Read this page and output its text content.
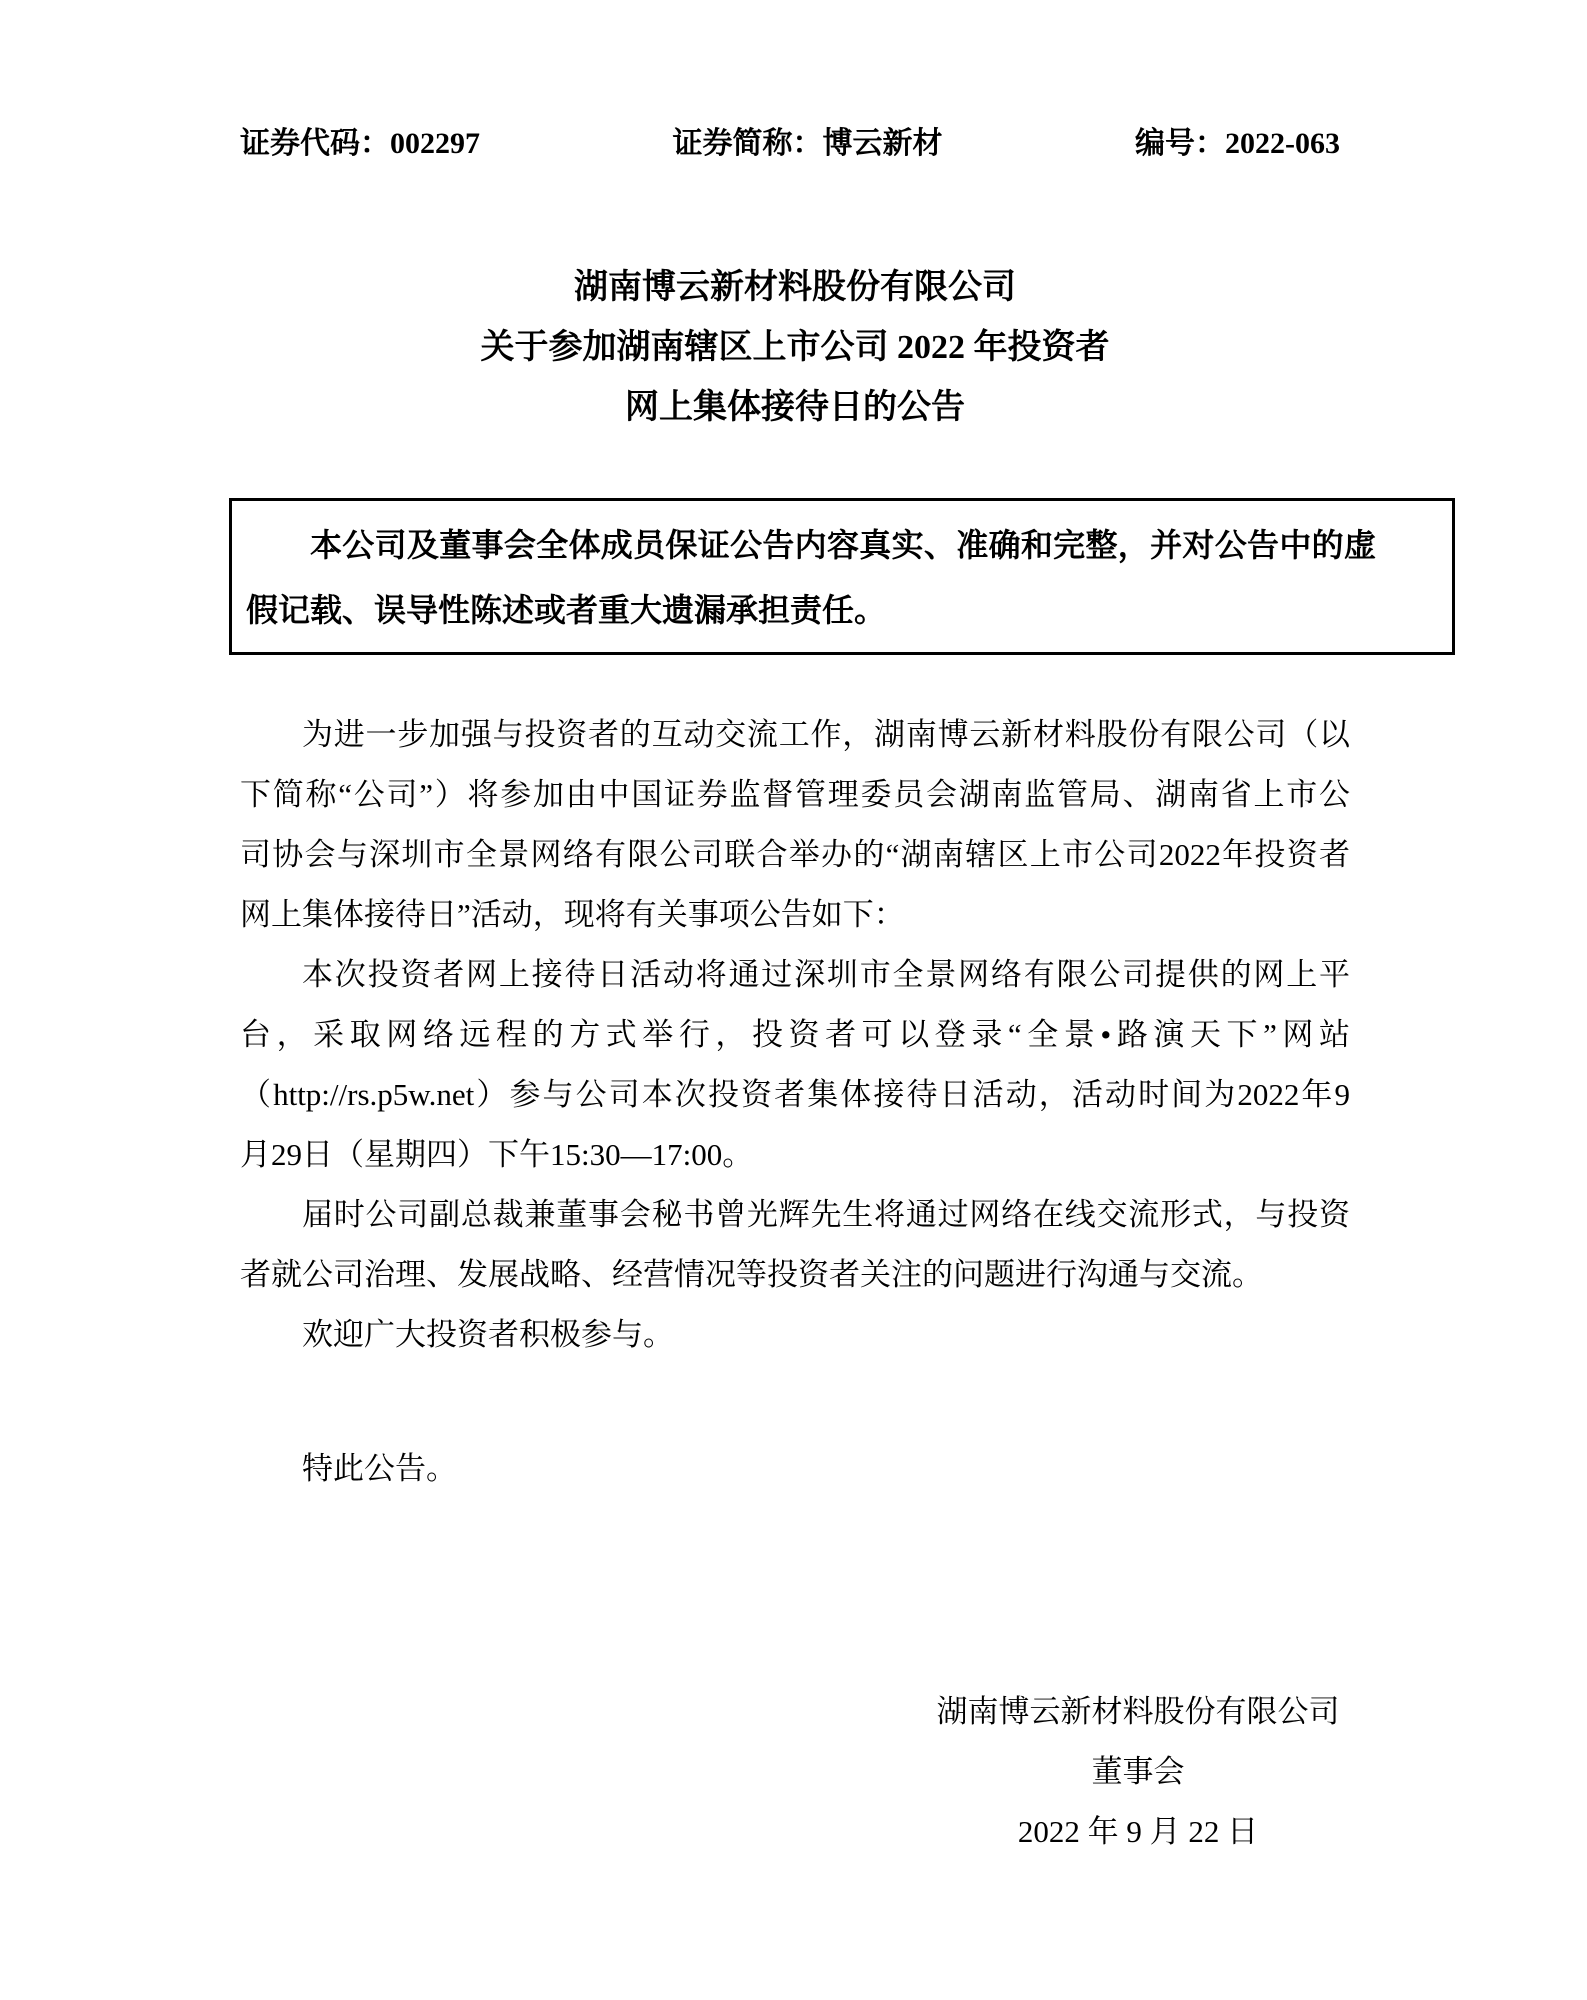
证券代码：002297	证券简称：博云新材	编号：2022-063
湖南博云新材料股份有限公司
关于参加湖南辖区上市公司 2022 年投资者
网上集体接待日的公告

本公司及董事会全体成员保证公告内容真实、准确和完整，并对公告中的虚假记载、误导性陈述或者重大遗漏承担责任。

为进一步加强与投资者的互动交流工作，湖南博云新材料股份有限公司（以
下简称“公司”）将参加由中国证券监督管理委员会湖南监管局、湖南省上市公
司协会与深圳市全景网络有限公司联合举办的“湖南辖区上市公司2022年投资者
网上集体接待日”活动，现将有关事项公告如下：
本次投资者网上接待日活动将通过深圳市全景网络有限公司提供的网上平
台，采取网络远程的方式举行，投资者可以登录“全景•路演天下”网站
（http://rs.p5w.net）参与公司本次投资者集体接待日活动，活动时间为2022年9
月29日（星期四）下午15:30—17:00。
届时公司副总裁兼董事会秘书曾光辉先生将通过网络在线交流形式，与投资
者就公司治理、发展战略、经营情况等投资者关注的问题进行沟通与交流。
欢迎广大投资者积极参与。
特此公告。
湖南博云新材料股份有限公司
董事会
2022 年 9 月 22 日
